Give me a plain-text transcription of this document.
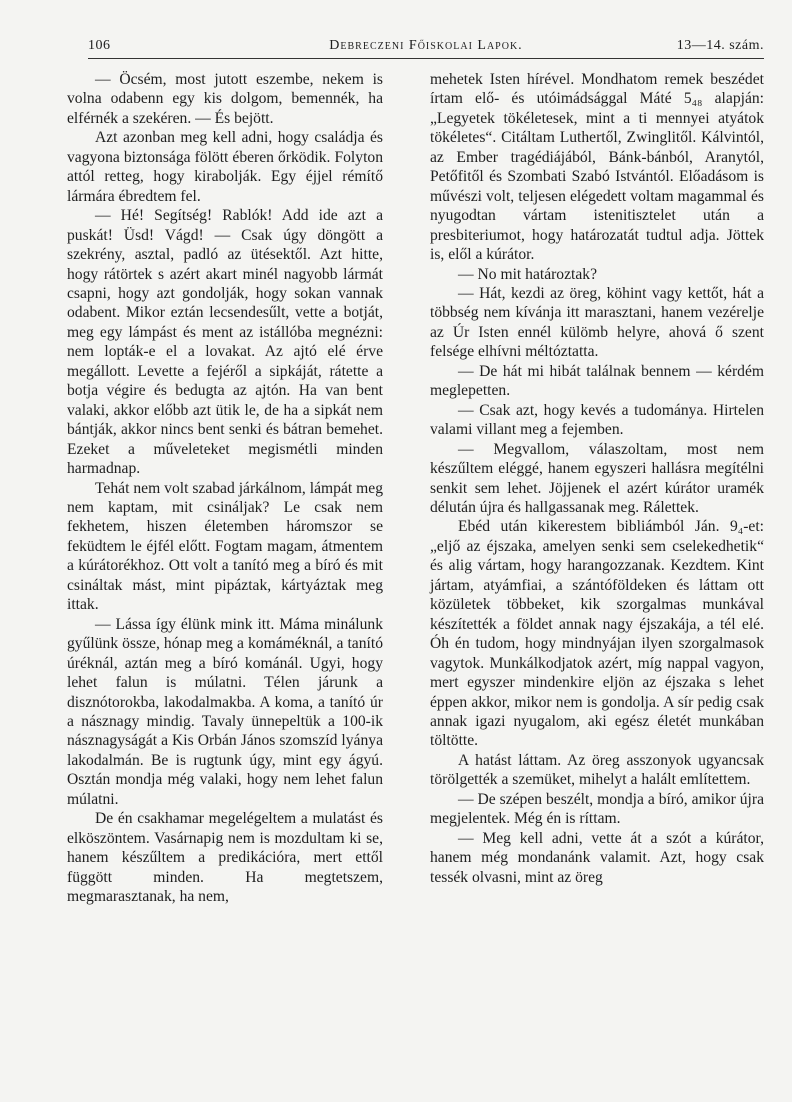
106	Debreczeni Főiskolai Lapok.	13—14. szám.

— Öcsém, most jutott eszembe, nekem is volna odabenn egy kis dolgom, bemennék, ha elférnék a szekéren. — És bejött.

Azt azonban meg kell adni, hogy családja és vagyona biztonsága fölött éberen őrködik. Folyton attól retteg, hogy kirabolják. Egy éjjel rémítő lármára ébredtem fel.

— Hé! Segítség! Rablók! Add ide azt a puskát! Üsd! Vágd! — Csak úgy döngött a szekrény, asztal, padló az ütésektől. Azt hitte, hogy rátörtek s azért akart minél nagyobb lármát csapni, hogy azt gondolják, hogy sokan vannak odabent. Mikor eztán lecsendesűlt, vette a botját, meg egy lámpást és ment az istállóba megnézni: nem lopták-e el a lovakat. Az ajtó elé érve megállott. Levette a fejéről a sipkáját, rátette a botja végire és bedugta az ajtón. Ha van bent valaki, akkor előbb azt ütik le, de ha a sipkát nem bántják, akkor nincs bent senki és bátran bemehet. Ezeket a műveleteket megismétli minden harmadnap.

Tehát nem volt szabad járkálnom, lámpát meg nem kaptam, mit csináljak? Le csak nem fekhetem, hiszen életemben háromszor se feküdtem le éjfél előtt. Fogtam magam, átmentem a kúrátorékhoz. Ott volt a tanító meg a bíró és mit csináltak mást, mint pipáztak, kártyáztak meg ittak.

— Lássa így élünk mink itt. Máma minálunk gyűlünk össze, hónap meg a komáméknál, a tanító úréknál, aztán meg a bíró kománál. Ugyi, hogy lehet falun is múlatni. Télen járunk a disznótorokba, lakodalmakba. A koma, a tanító úr a násznagy mindig. Tavaly ünnepeltük a 100-ik násznagyságát a Kis Orbán János szomszíd lyánya lakodalmán. Be is rugtunk úgy, mint egy ágyú. Osztán mondja még valaki, hogy nem lehet falun múlatni.

De én csakhamar megelégeltem a mulatást és elköszöntem. Vasárnapig nem is mozdultam ki se, hanem készűltem a predikációra, mert ettől függött minden. Ha megtetszem, megmarasztanak, ha nem,

mehetek Isten hírével. Mondhatom remek beszédet írtam elő- és utóimádsággal Máté 5₄₈ alapján: „Legyetek tökéletesek, mint a ti mennyei atyátok tökéletes“. Citáltam Luthertől, Zwinglitől. Kálvintól, az Ember tragédiájából, Bánk-bánból, Aranytól, Petőfitől és Szombati Szabó Istvántól. Előadásom is művészi volt, teljesen elégedett voltam magammal és nyugodtan vártam istenitisztelet után a presbiteriumot, hogy határozatát tudtul adja. Jöttek is, elől a kúrátor.

— No mit határoztak?

— Hát, kezdi az öreg, köhint vagy kettőt, hát a többség nem kívánja itt marasztani, hanem vezérelje az Úr Isten ennél külömb helyre, ahová ő szent felsége elhívni méltóztatta.

— De hát mi hibát találnak bennem — kérdém meglepetten.

— Csak azt, hogy kevés a tudománya. Hirtelen valami villant meg a fejemben.

— Megvallom, válaszoltam, most nem készűltem eléggé, hanem egyszeri hallásra megítélni senkit sem lehet. Jöjjenek el azért kúrátor uramék délután újra és hallgassanak meg. Rálettek.

Ebéd után kikerestem bibliámból Ján. 9₄-et: „eljő az éjszaka, amelyen senki sem cselekedhetik“ és alig vártam, hogy harangozzanak. Kezdtem. Kint jártam, atyámfiai, a szántóföldeken és láttam ott közületek többeket, kik szorgalmas munkával készítették a földet annak nagy éjszakája, a tél elé. Óh én tudom, hogy mindnyájan ilyen szorgalmasok vagytok. Munkálkodjatok azért, míg nappal vagyon, mert egyszer mindenkire eljön az éjszaka s lehet éppen akkor, mikor nem is gondolja. A sír pedig csak annak igazi nyugalom, aki egész életét munkában töltötte.

A hatást láttam. Az öreg asszonyok ugyancsak törölgették a szemüket, mihelyt a halált említettem.

— De szépen beszélt, mondja a bíró, amikor újra megjelentek. Még én is ríttam.

— Meg kell adni, vette át a szót a kúrátor, hanem még mondanánk valamit. Azt, hogy csak tessék olvasni, mint az öreg
